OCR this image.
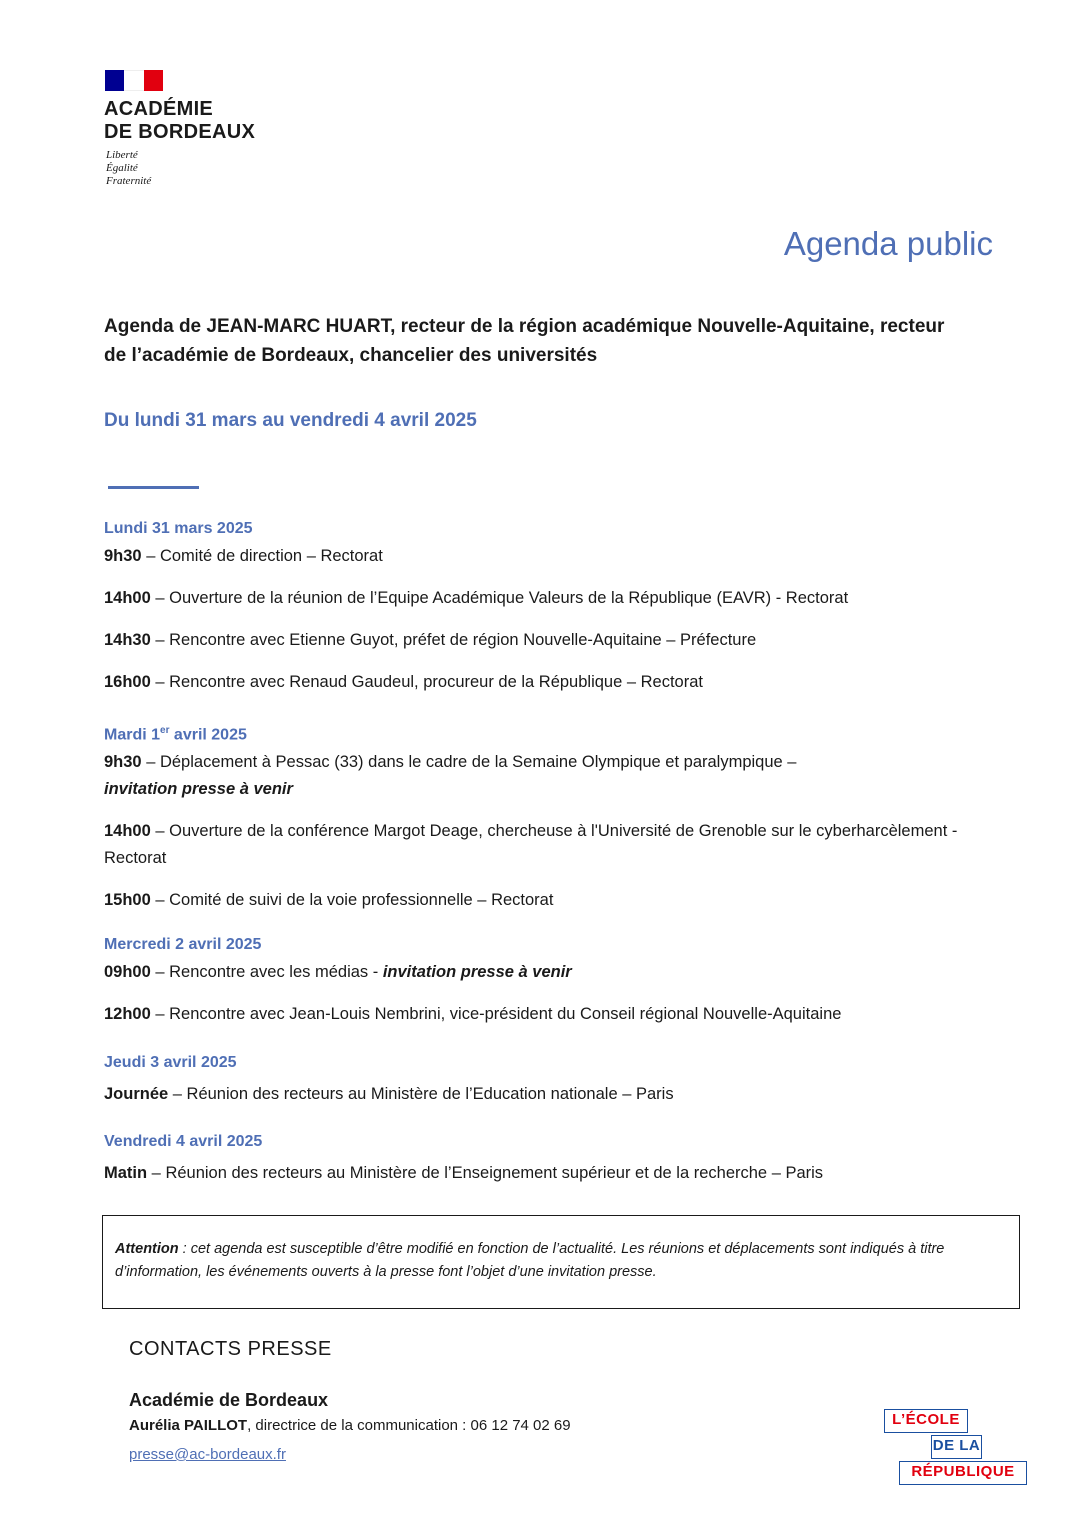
ACADÉMIE
DE BORDEAUX
Liberté
Égalité
Fraternité
Agenda public
Agenda de JEAN-MARC HUART, recteur de la région académique Nouvelle-Aquitaine, recteur de l’académie de Bordeaux, chancelier des universités
Du lundi 31 mars au vendredi 4 avril 2025
Lundi 31 mars 2025
9h30 – Comité de direction – Rectorat
14h00 – Ouverture de la réunion de l’Equipe Académique Valeurs de la République (EAVR) - Rectorat
14h30 – Rencontre avec Etienne Guyot, préfet de région Nouvelle-Aquitaine – Préfecture
16h00 – Rencontre avec Renaud Gaudeul, procureur de la République – Rectorat
Mardi 1er avril 2025
9h30 – Déplacement à Pessac (33) dans le cadre de la Semaine Olympique et paralympique –
invitation presse à venir
14h00 – Ouverture de la conférence Margot Deage, chercheuse à l'Université de Grenoble sur le cyberharcèlement - Rectorat
15h00 – Comité de suivi de la voie professionnelle – Rectorat
Mercredi 2 avril 2025
09h00 – Rencontre avec les médias - invitation presse à venir
12h00 – Rencontre avec Jean-Louis Nembrini, vice-président du Conseil régional Nouvelle-Aquitaine
Jeudi 3 avril 2025
Journée – Réunion des recteurs au Ministère de l’Education nationale – Paris
Vendredi 4 avril 2025
Matin – Réunion des recteurs au Ministère de l’Enseignement supérieur et de la recherche – Paris
Attention : cet agenda est susceptible d’être modifié en fonction de l’actualité. Les réunions et déplacements sont indiqués à titre d’information, les événements ouverts à la presse font l’objet d’une invitation presse.
CONTACTS PRESSE
Académie de Bordeaux
Aurélia PAILLOT, directrice de la communication : 06 12 74 02 69
presse@ac-bordeaux.fr
L’ÉCOLE
DE LA
RÉPUBLIQUE
